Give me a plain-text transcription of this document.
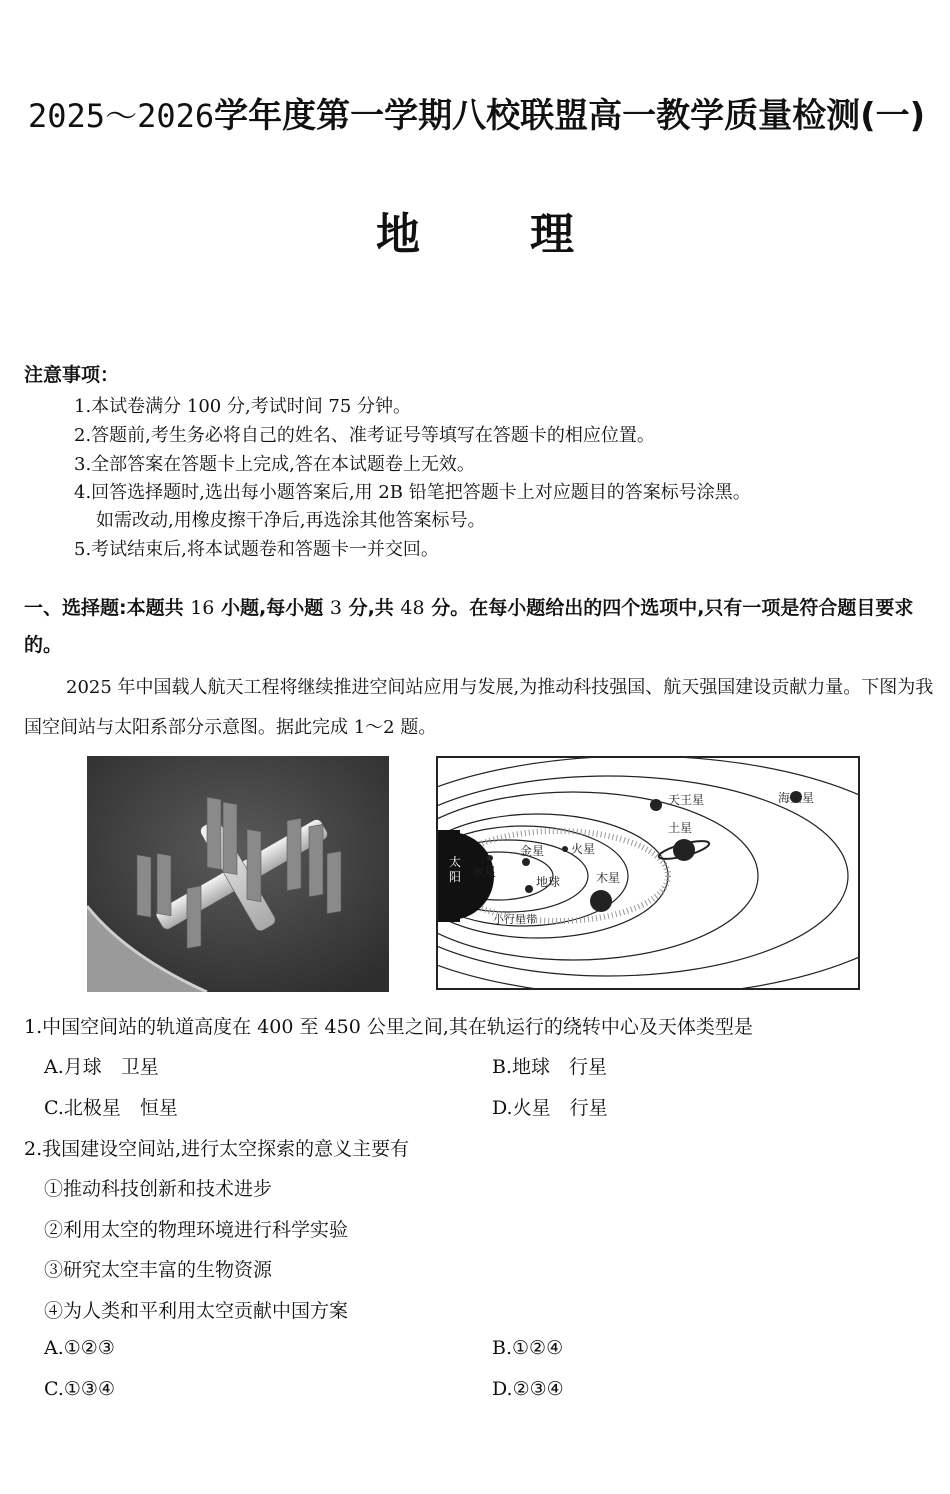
2025～2026学年度第一学期八校联盟高一教学质量检测(一)
地理
注意事项：
1.本试卷满分 100 分,考试时间 75 分钟。
2.答题前,考生务必将自己的姓名、准考证号等填写在答题卡的相应位置。
3.全部答案在答题卡上完成,答在本试题卷上无效。
4.回答选择题时,选出每小题答案后,用 2B 铅笔把答题卡上对应题目的答案标号涂黑。
如需改动,用橡皮擦干净后,再选涂其他答案标号。
5.考试结束后,将本试题卷和答题卡一并交回。
一、选择题:本题共 16 小题,每小题 3 分,共 48 分。在每小题给出的四个选项中,只有一项是符合题目要求的。
2025 年中国载人航天工程将继续推进空间站应用与发展,为推动科技强国、航天强国建设贡献力量。下图为我国空间站与太阳系部分示意图。据此完成 1～2 题。
太
阳 水星
金星
地球
火星
木星
小行星带
土星
天王星	海王星
1.中国空间站的轨道高度在 400 至 450 公里之间,其在轨运行的绕转中心及天体类型是
A.月球　卫星	B.地球　行星
C.北极星　恒星	D.火星　行星
2.我国建设空间站,进行太空探索的意义主要有
①推动科技创新和技术进步
②利用太空的物理环境进行科学实验
③研究太空丰富的生物资源
④为人类和平利用太空贡献中国方案
A.①②③	B.①②④
C.①③④	D.②③④
